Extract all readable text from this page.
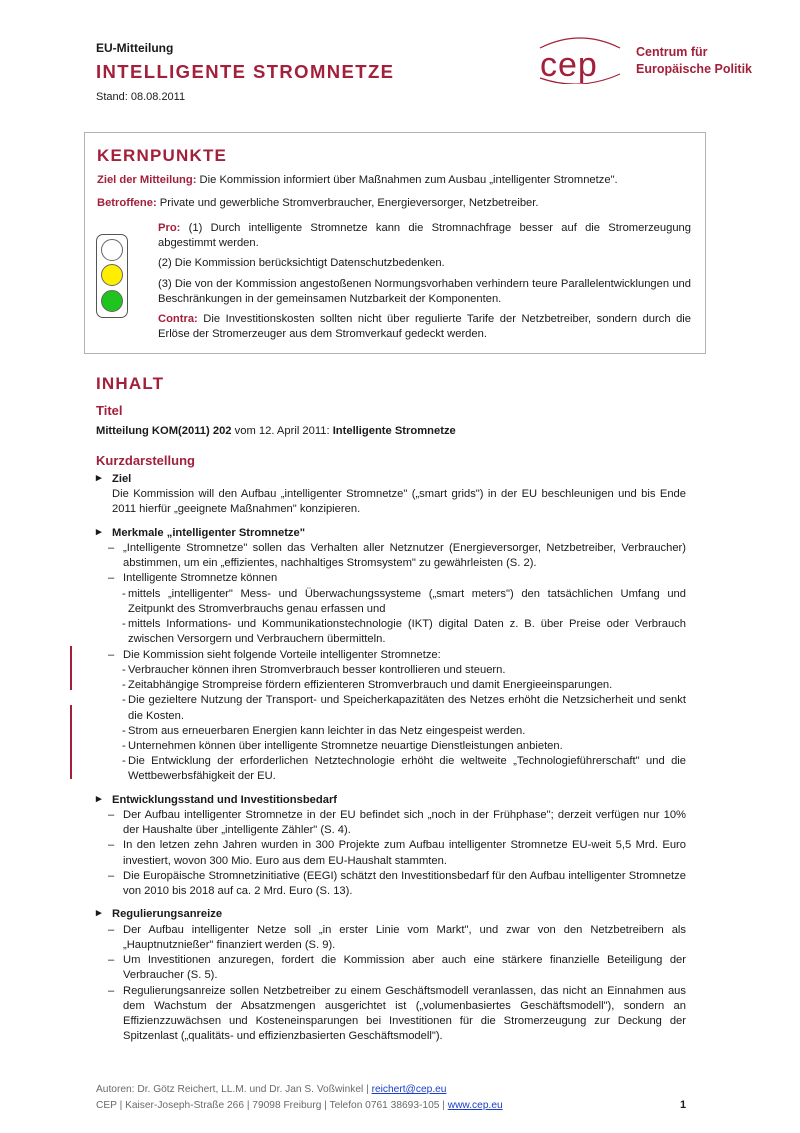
EU-Mitteilung

INTELLIGENTE STROMNETZE

Stand: 08.08.2011
cep	Centrum für
Europäische Politik
KERNPUNKTE
Ziel der Mitteilung: Die Kommission informiert über Maßnahmen zum Ausbau „intelligenter Stromnetze".
Betroffene: Private und gewerbliche Stromverbraucher, Energieversorger, Netzbetreiber.

Pro: (1) Durch intelligente Stromnetze kann die Stromnachfrage besser auf die Stromerzeugung abgestimmt werden.

(2) Die Kommission berücksichtigt Datenschutzbedenken.

(3) Die von der Kommission angestoßenen Normungsvorhaben verhindern teure Parallelentwicklungen und Beschränkungen in der gemeinsamen Nutzbarkeit der Komponenten.

Contra: Die Investitionskosten sollten nicht über regulierte Tarife der Netzbetreiber, sondern durch die Erlöse der Stromerzeuger aus dem Stromverkauf gedeckt werden.

INHALT
Titel
Mitteilung KOM(2011) 202 vom 12. April 2011: Intelligente Stromnetze
Kurzdarstellung

▸ Ziel

Die Kommission will den Aufbau „intelligenter Stromnetze" („smart grids") in der EU beschleunigen und bis Ende 2011 hierfür „geeignete Maßnahmen" konzipieren.

▸ Merkmale „intelligenter Stromnetze"

– „Intelligente Stromnetze" sollen das Verhalten aller Netznutzer (Energieversorger, Netzbetreiber, Verbraucher) abstimmen, um ein „effizientes, nachhaltiges Stromsystem" zu gewährleisten (S. 2).
– Intelligente Stromnetze können
- mittels „intelligenter" Mess- und Überwachungssysteme („smart meters") den tatsächlichen Umfang und Zeitpunkt des Stromverbrauchs genau erfassen und
- mittels Informations- und Kommunikationstechnologie (IKT) digital Daten z. B. über Preise oder Verbrauch zwischen Versorgern und Verbrauchern übermitteln.
– Die Kommission sieht folgende Vorteile intelligenter Stromnetze:
- Verbraucher können ihren Stromverbrauch besser kontrollieren und steuern.
- Zeitabhängige Strompreise fördern effizienteren Stromverbrauch und damit Energieeinsparungen.
- Die gezieltere Nutzung der Transport- und Speicherkapazitäten des Netzes erhöht die Netzsicherheit und senkt die Kosten.
- Strom aus erneuerbaren Energien kann leichter in das Netz eingespeist werden.
- Unternehmen können über intelligente Stromnetze neuartige Dienstleistungen anbieten.
- Die Entwicklung der erforderlichen Netztechnologie erhöht die weltweite „Technologieführerschaft" und die Wettbewerbsfähigkeit der EU.

▸ Entwicklungsstand und Investitionsbedarf

– Der Aufbau intelligenter Stromnetze in der EU befindet sich „noch in der Frühphase"; derzeit verfügen nur 10% der Haushalte über „intelligente Zähler" (S. 4).
– In den letzen zehn Jahren wurden in 300 Projekte zum Aufbau intelligenter Stromnetze EU-weit 5,5 Mrd. Euro investiert, wovon 300 Mio. Euro aus dem EU-Haushalt stammten.
– Die Europäische Stromnetzinitiative (EEGI) schätzt den Investitionsbedarf für den Aufbau intelligenter Stromnetze von 2010 bis 2018 auf ca. 2 Mrd. Euro (S. 13).

▸ Regulierungsanreize

– Der Aufbau intelligenter Netze soll „in erster Linie vom Markt", und zwar von den Netzbetreibern als „Hauptnutznießer" finanziert werden (S. 9).
– Um Investitionen anzuregen, fordert die Kommission aber auch eine stärkere finanzielle Beteiligung der Verbraucher (S. 5).
– Regulierungsanreize sollen Netzbetreiber zu einem Geschäftsmodell veranlassen, das nicht an Einnahmen aus dem Wachstum der Absatzmengen ausgerichtet ist („volumenbasiertes Geschäftsmodell"), sondern an Effizienzzuwächsen und Kosteneinsparungen bei Investitionen für die Stromerzeugung zur Deckung der Spitzenlast („qualitäts- und effizienzbasierten Geschäftsmodell").
Autoren: Dr. Götz Reichert, LL.M. und Dr. Jan S. Voßwinkel | reichert@cep.eu
CEP | Kaiser-Joseph-Straße 266 | 79098 Freiburg | Telefon 0761 38693-105 | www.cep.eu	1
